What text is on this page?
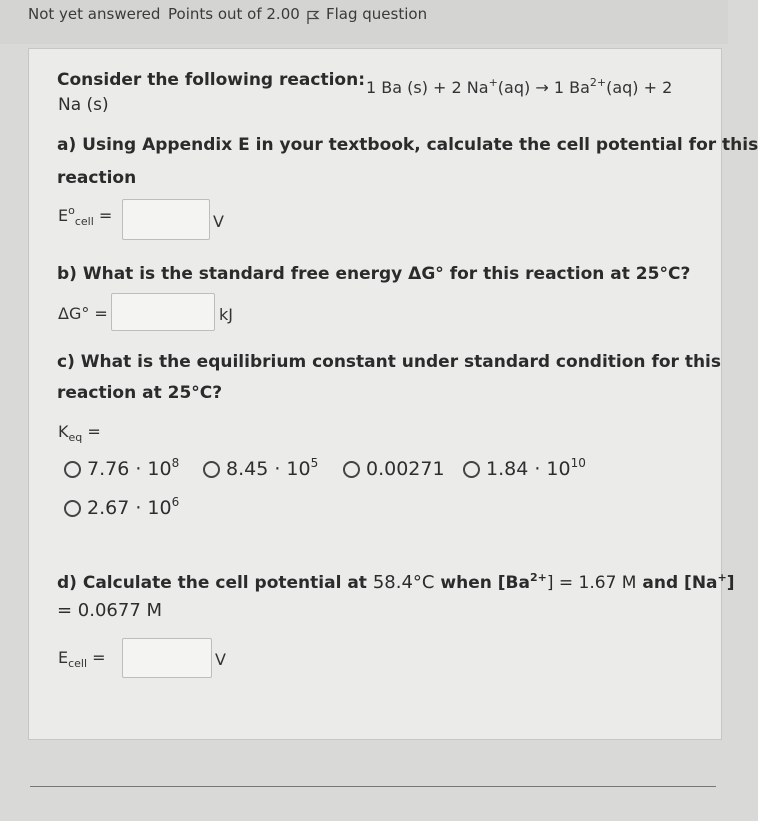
Not yet answered Points out of 2.00 Flag question
Consider the following reaction: 1 Ba (s) + 2 Na+(aq) → 1 $Ba^{2+}(aq) + 2$
Na (s)
a) Using Appendix E in your textbook, calculate the cell potential for this
reaction
$E^o_{cell}$ =	V
b) What is the standard free energy ΔG° for this reaction at 25°C?
ΔG° =	kJ
c) What is the equilibrium constant under standard condition for this
reaction at 25°C?
$K_{eq}$ =
$7.76 \cdot 10^8$ $8.45 \cdot 10^5$	0.00271 $1.84 \cdot 10^{10}$
$2.67 \cdot 10^6$
d) Calculate the cell potential at 58.4°C when $[Ba^{2+}] = 1.67$ M and [Na+]
= 0.0677 M
$E_{cell}$ =	V
